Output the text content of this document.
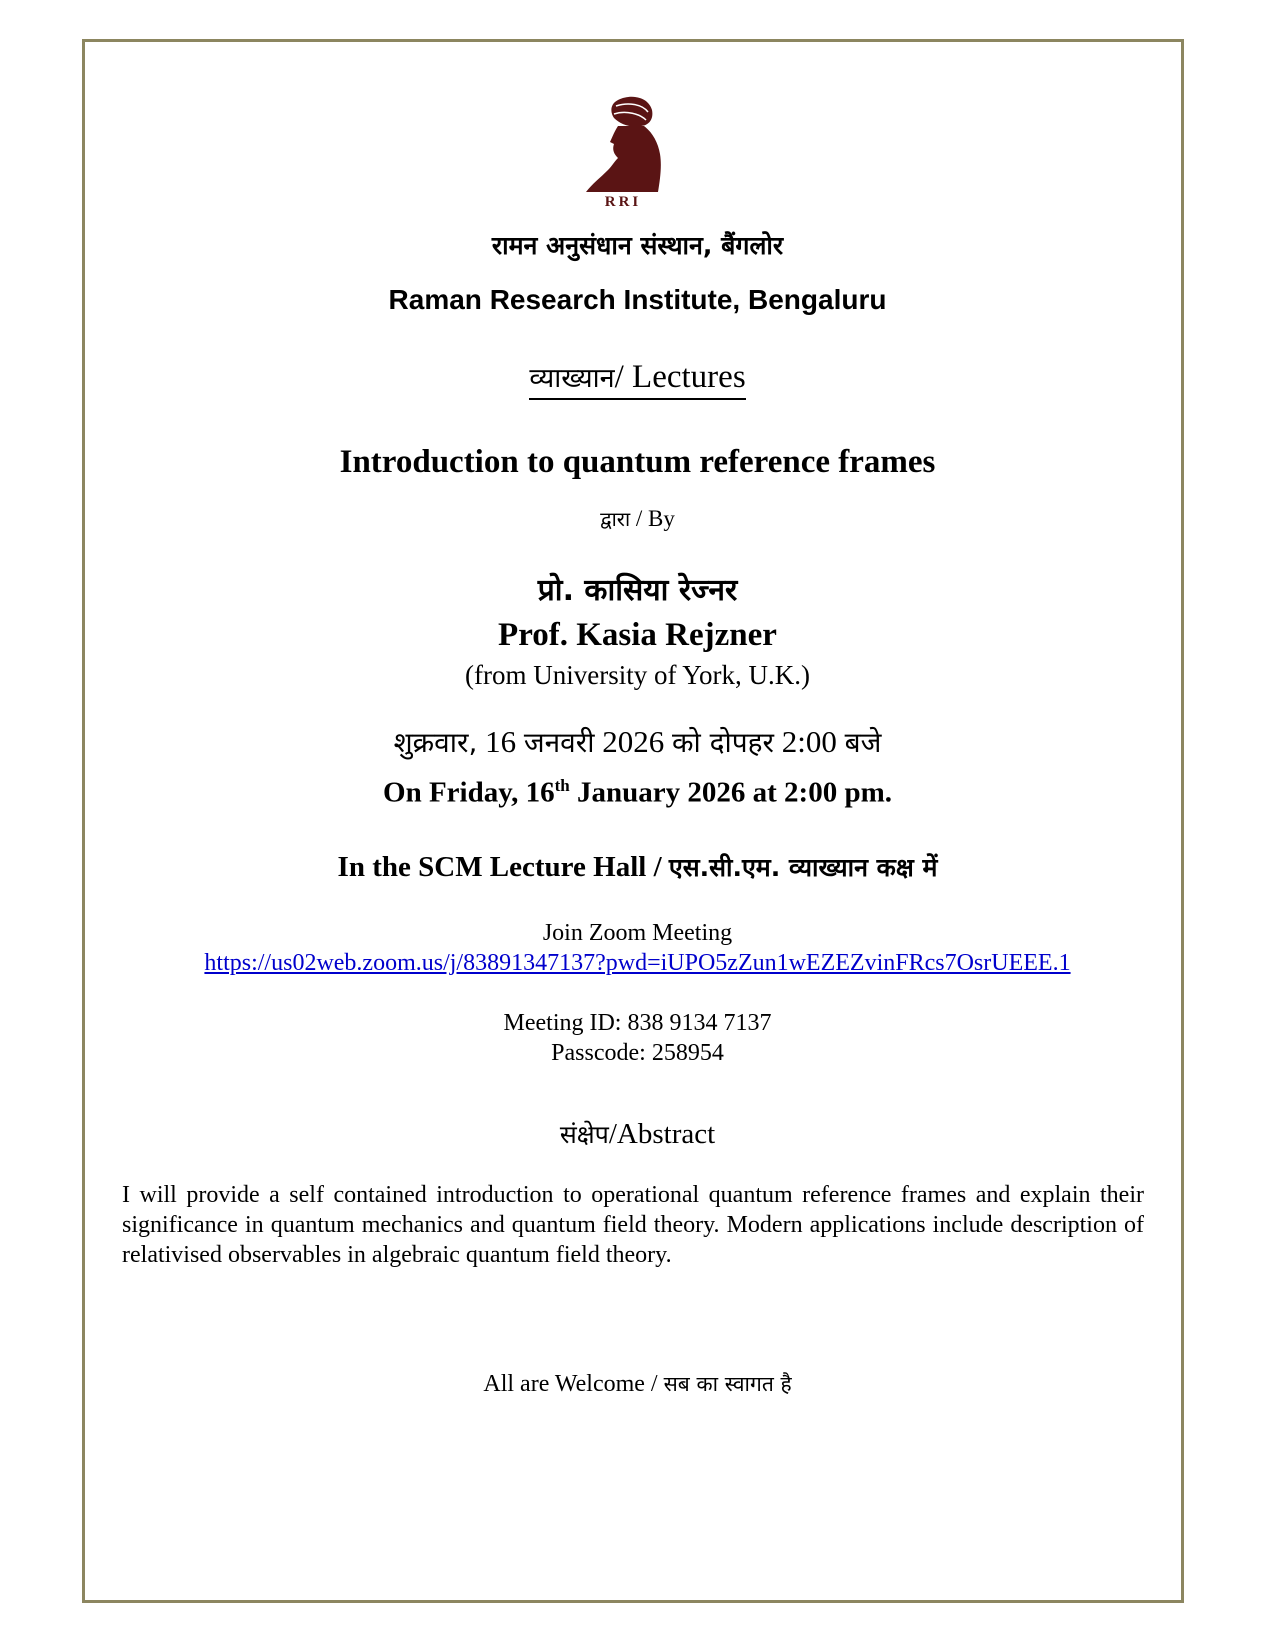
RRI

रामन अनुसंधान संस्थान, बैंगलोर

Raman Research Institute, Bengaluru

व्याख्यान/ Lectures

Introduction to quantum reference frames

द्वारा / By

प्रो. कासिया रेज्नर

Prof. Kasia Rejzner

(from University of York, U.K.)

शुक्रवार, 16 जनवरी 2026 को दोपहर 2:00 बजे

On Friday, 16th January 2026 at 2:00 pm.

In the SCM Lecture Hall / एस.सी.एम. व्याख्यान कक्ष में

Join Zoom Meeting

https://us02web.zoom.us/j/83891347137?pwd=iUPO5zZun1wEZEZvinFRcs7OsrUEEE.1

Meeting ID: 838 9134 7137

Passcode: 258954

संक्षेप/Abstract

I will provide a self contained introduction to operational quantum reference frames and explain their significance in quantum mechanics and quantum field theory. Modern applications include description of relativised observables in algebraic quantum field theory.

All are Welcome / सब का स्वागत है
